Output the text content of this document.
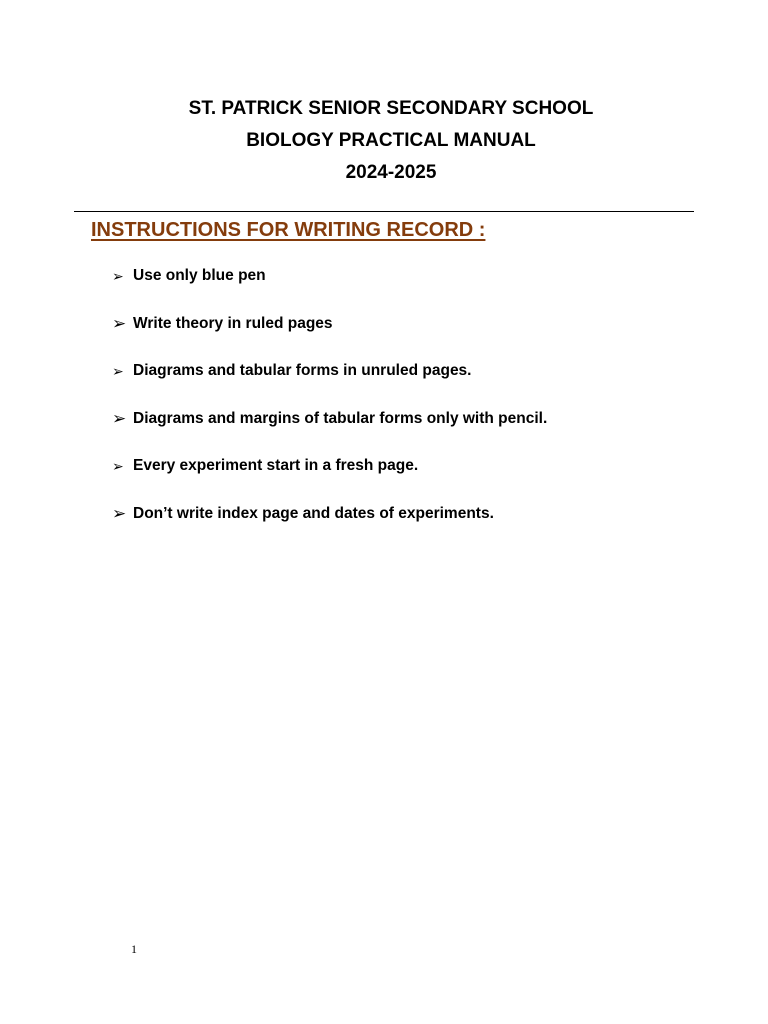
ST. PATRICK SENIOR SECONDARY SCHOOL
BIOLOGY PRACTICAL MANUAL
2024-2025
INSTRUCTIONS FOR WRITING RECORD :
➢ Use only blue pen
➢ Write theory in ruled pages
➢ Diagrams and tabular forms in unruled pages.
➢ Diagrams and margins of tabular forms only with pencil.
➢ Every experiment start in a fresh page.
➢ Don’t write index page and dates of experiments.
1
